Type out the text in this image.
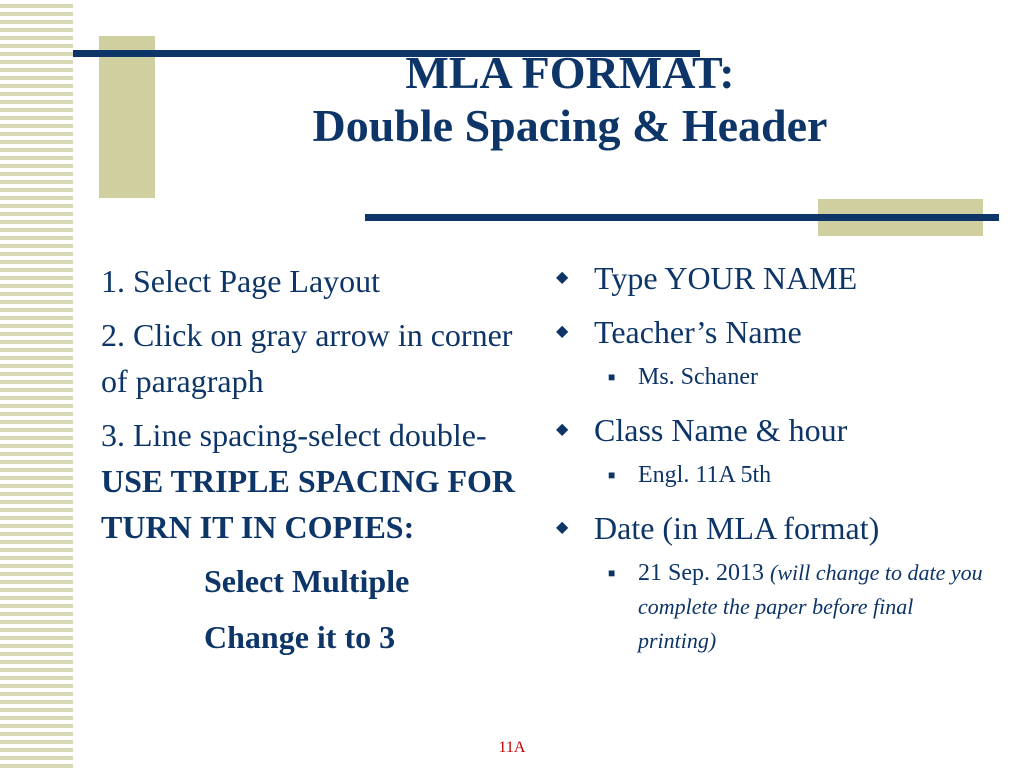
MLA FORMAT:
Double Spacing & Header

1. Select Page Layout

2. Click on gray arrow in corner of paragraph

3. Line spacing-select double-USE TRIPLE SPACING FOR TURN IT IN COPIES:

Select Multiple

Change it to 3

◆ Type YOUR NAME
◆ Teacher’s Name
■ Ms. Schaner
◆ Class Name & hour
■ Engl. 11A 5th
◆ Date (in MLA format)
■ 21 Sep. 2013 (will change to date you complete the paper before final printing)
11A
